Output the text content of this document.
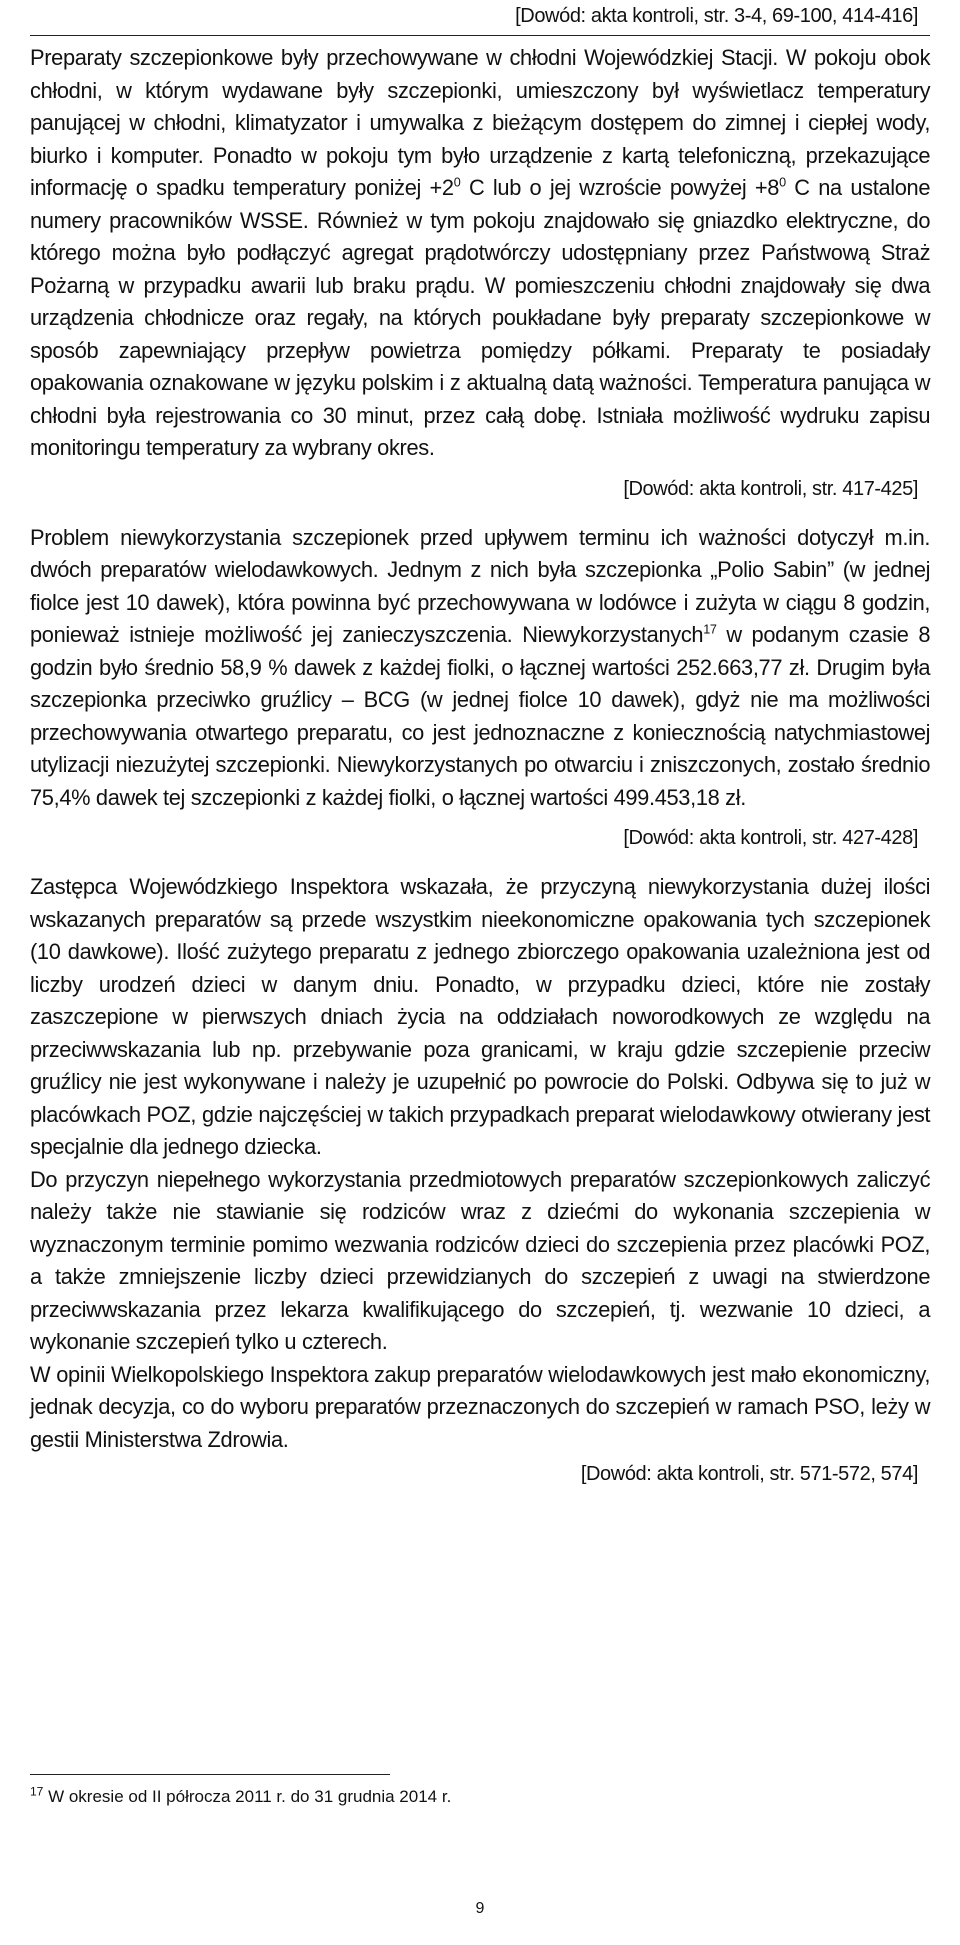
[Dowód: akta kontroli, str. 3-4, 69-100, 414-416]

Preparaty szczepionkowe były przechowywane w chłodni Wojewódzkiej Stacji. W pokoju obok chłodni, w którym wydawane były szczepionki, umieszczony był wyświetlacz temperatury panującej w chłodni, klimatyzator i umywalka z bieżącym dostępem do zimnej i ciepłej wody, biurko i komputer. Ponadto w pokoju tym było urządzenie z kartą telefoniczną, przekazujące informację o spadku temperatury poniżej $+2^0$ C lub o jej wzroście powyżej $+8^0$ C na ustalone numery pracowników WSSE. Również w tym pokoju znajdowało się gniazdko elektryczne, do którego można było podłączyć agregat prądotwórczy udostępniany przez Państwową Straż Pożarną w przypadku awarii lub braku prądu. W pomieszczeniu chłodni znajdowały się dwa urządzenia chłodnicze oraz regały, na których poukładane były preparaty szczepionkowe w sposób zapewniający przepływ powietrza pomiędzy półkami. Preparaty te posiadały opakowania oznakowane w języku polskim i z aktualną datą ważności. Temperatura panująca w chłodni była rejestrowania co 30 minut, przez całą dobę. Istniała możliwość wydruku zapisu monitoringu temperatury za wybrany okres.

[Dowód: akta kontroli, str. 417-425]

Problem niewykorzystania szczepionek przed upływem terminu ich ważności dotyczył m.in. dwóch preparatów wielodawkowych. Jednym z nich była szczepionka „Polio Sabin” (w jednej fiolce jest 10 dawek), która powinna być przechowywana w lodówce i zużyta w ciągu 8 godzin, ponieważ istnieje możliwość jej zanieczyszczenia. Niewykorzystanych$^{17}$ w podanym czasie 8 godzin było średnio 58,9 % dawek z każdej fiolki, o łącznej wartości 252.663,77 zł. Drugim była szczepionka przeciwko gruźlicy – BCG (w jednej fiolce 10 dawek), gdyż nie ma możliwości przechowywania otwartego preparatu, co jest jednoznaczne z koniecznością natychmiastowej utylizacji niezużytej szczepionki. Niewykorzystanych po otwarciu i zniszczonych, zostało średnio 75,4% dawek tej szczepionki z każdej fiolki, o łącznej wartości 499.453,18 zł.

[Dowód: akta kontroli, str. 427-428]

Zastępca Wojewódzkiego Inspektora wskazała, że przyczyną niewykorzystania dużej ilości wskazanych preparatów są przede wszystkim nieekonomiczne opakowania tych szczepionek (10 dawkowe). Ilość zużytego preparatu z jednego zbiorczego opakowania uzależniona jest od liczby urodzeń dzieci w danym dniu. Ponadto, w przypadku dzieci, które nie zostały zaszczepione w pierwszych dniach życia na oddziałach noworodkowych ze względu na przeciwwskazania lub np. przebywanie poza granicami, w kraju gdzie szczepienie przeciw gruźlicy nie jest wykonywane i należy je uzupełnić po powrocie do Polski. Odbywa się to już w placówkach POZ, gdzie najczęściej w takich przypadkach preparat wielodawkowy otwierany jest specjalnie dla jednego dziecka.

Do przyczyn niepełnego wykorzystania przedmiotowych preparatów szczepionkowych zaliczyć należy także nie stawianie się rodziców wraz z dziećmi do wykonania szczepienia w wyznaczonym terminie pomimo wezwania rodziców dzieci do szczepienia przez placówki POZ, a także zmniejszenie liczby dzieci przewidzianych do szczepień z uwagi na stwierdzone przeciwwskazania przez lekarza kwalifikującego do szczepień, tj. wezwanie 10 dzieci, a wykonanie szczepień tylko u czterech.

W opinii Wielkopolskiego Inspektora zakup preparatów wielodawkowych jest mało ekonomiczny, jednak decyzja, co do wyboru preparatów przeznaczonych do szczepień w ramach PSO, leży w gestii Ministerstwa Zdrowia.

[Dowód: akta kontroli, str. 571-572, 574]
$^{17}$ W okresie od II półrocza 2011 r. do 31 grudnia 2014 r.
9
